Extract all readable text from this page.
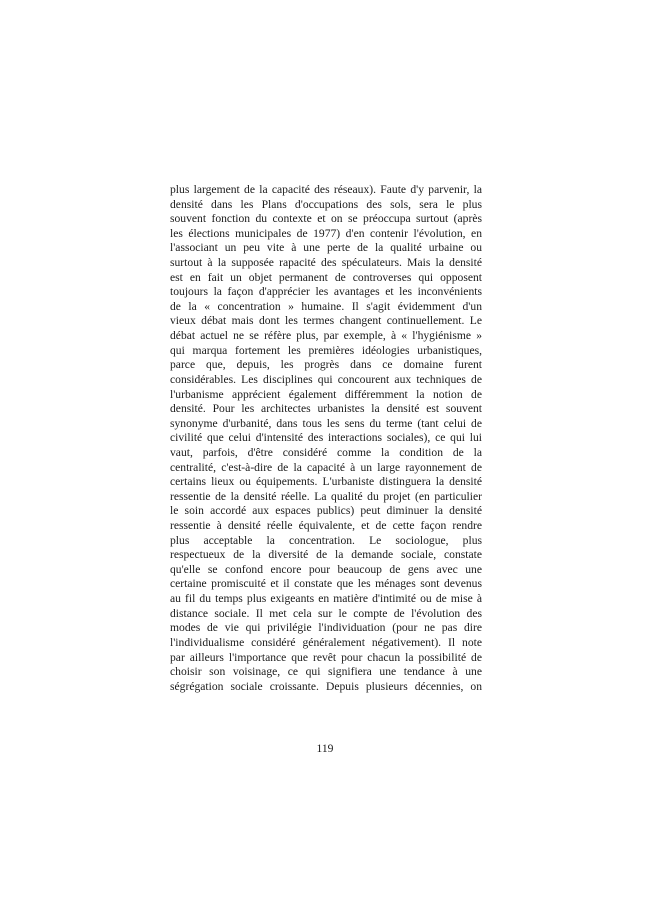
plus largement de la capacité des réseaux). Faute d'y parvenir, la
densité dans les Plans d'occupations des sols, sera le plus
souvent fonction du contexte et on se préoccupa surtout (après
les élections municipales de 1977) d'en contenir l'évolution, en
l'associant un peu vite à une perte de la qualité urbaine ou
surtout à la supposée rapacité des spéculateurs. Mais la densité
est en fait un objet permanent de controverses qui opposent
toujours la façon d'apprécier les avantages et les inconvénients
de la « concentration » humaine. Il s'agit évidemment d'un
vieux débat mais dont les termes changent continuellement. Le
débat actuel ne se réfère plus, par exemple, à « l'hygiénisme »
qui marqua fortement les premières idéologies urbanistiques,
parce que, depuis, les progrès dans ce domaine furent
considérables. Les disciplines qui concourent aux techniques de
l'urbanisme apprécient également différemment la notion de
densité. Pour les architectes urbanistes la densité est souvent
synonyme d'urbanité, dans tous les sens du terme (tant celui de
civilité que celui d'intensité des interactions sociales), ce qui lui
vaut, parfois, d'être considéré comme la condition de la
centralité, c'est-à-dire de la capacité à un large rayonnement de
certains lieux ou équipements. L'urbaniste distinguera la densité
ressentie de la densité réelle. La qualité du projet (en particulier
le soin accordé aux espaces publics) peut diminuer la densité
ressentie à densité réelle équivalente, et de cette façon rendre
plus acceptable la concentration. Le sociologue, plus
respectueux de la diversité de la demande sociale, constate
qu'elle se confond encore pour beaucoup de gens avec une
certaine promiscuité et il constate que les ménages sont devenus
au fil du temps plus exigeants en matière d'intimité ou de mise à
distance sociale. Il met cela sur le compte de l'évolution des
modes de vie qui privilégie l'individuation (pour ne pas dire
l'individualisme considéré généralement négativement). Il note
par ailleurs l'importance que revêt pour chacun la possibilité de
choisir son voisinage, ce qui signifiera une tendance à une
ségrégation sociale croissante. Depuis plusieurs décennies, on
119
